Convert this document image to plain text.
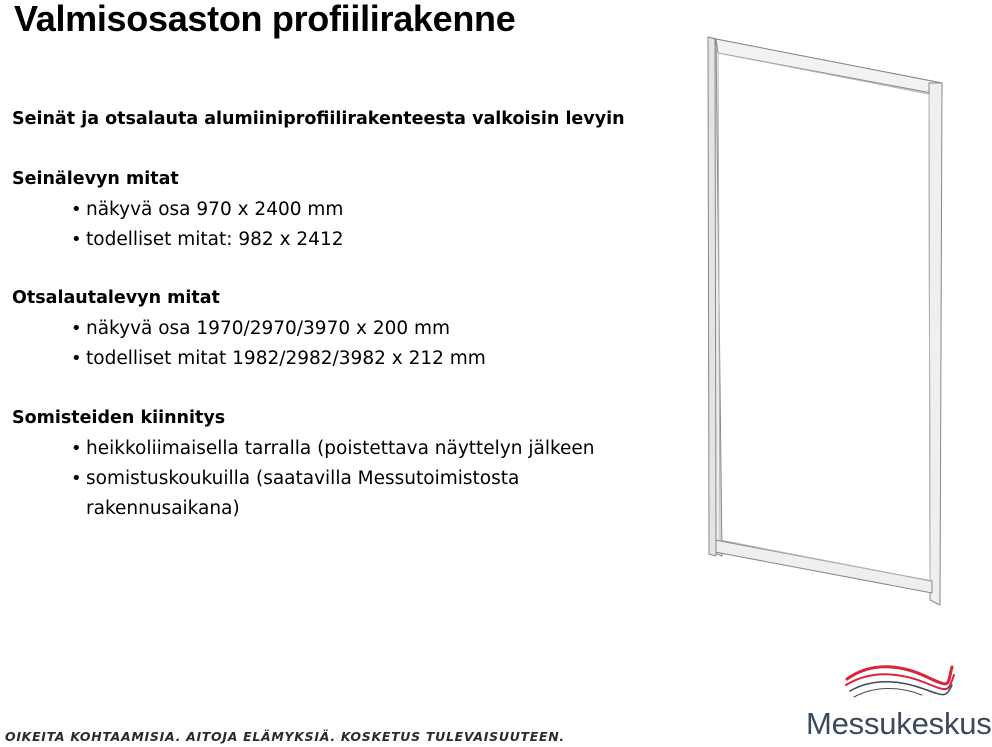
Valmisosaston profiilirakenne
Seinät ja otsalauta alumiiniprofiilirakenteesta valkoisin levyin
Seinälevyn mitat
• näkyvä osa 970 x 2400 mm
• todelliset mitat: 982 x 2412
Otsalautalevyn mitat
• näkyvä osa 1970/2970/3970 x 200 mm
• todelliset mitat 1982/2982/3982 x 212 mm
Somisteiden kiinnitys
• heikkoliimaisella tarralla (poistettava näyttelyn jälkeen
• somistuskoukuilla (saatavilla Messutoimistosta
rakennusaikana)
OIKEITA KOHTAAMISIA. AITOJA ELÄMYKSIÄ. KOSKETUS TULEVAISUUTEEN.	Messukeskus
